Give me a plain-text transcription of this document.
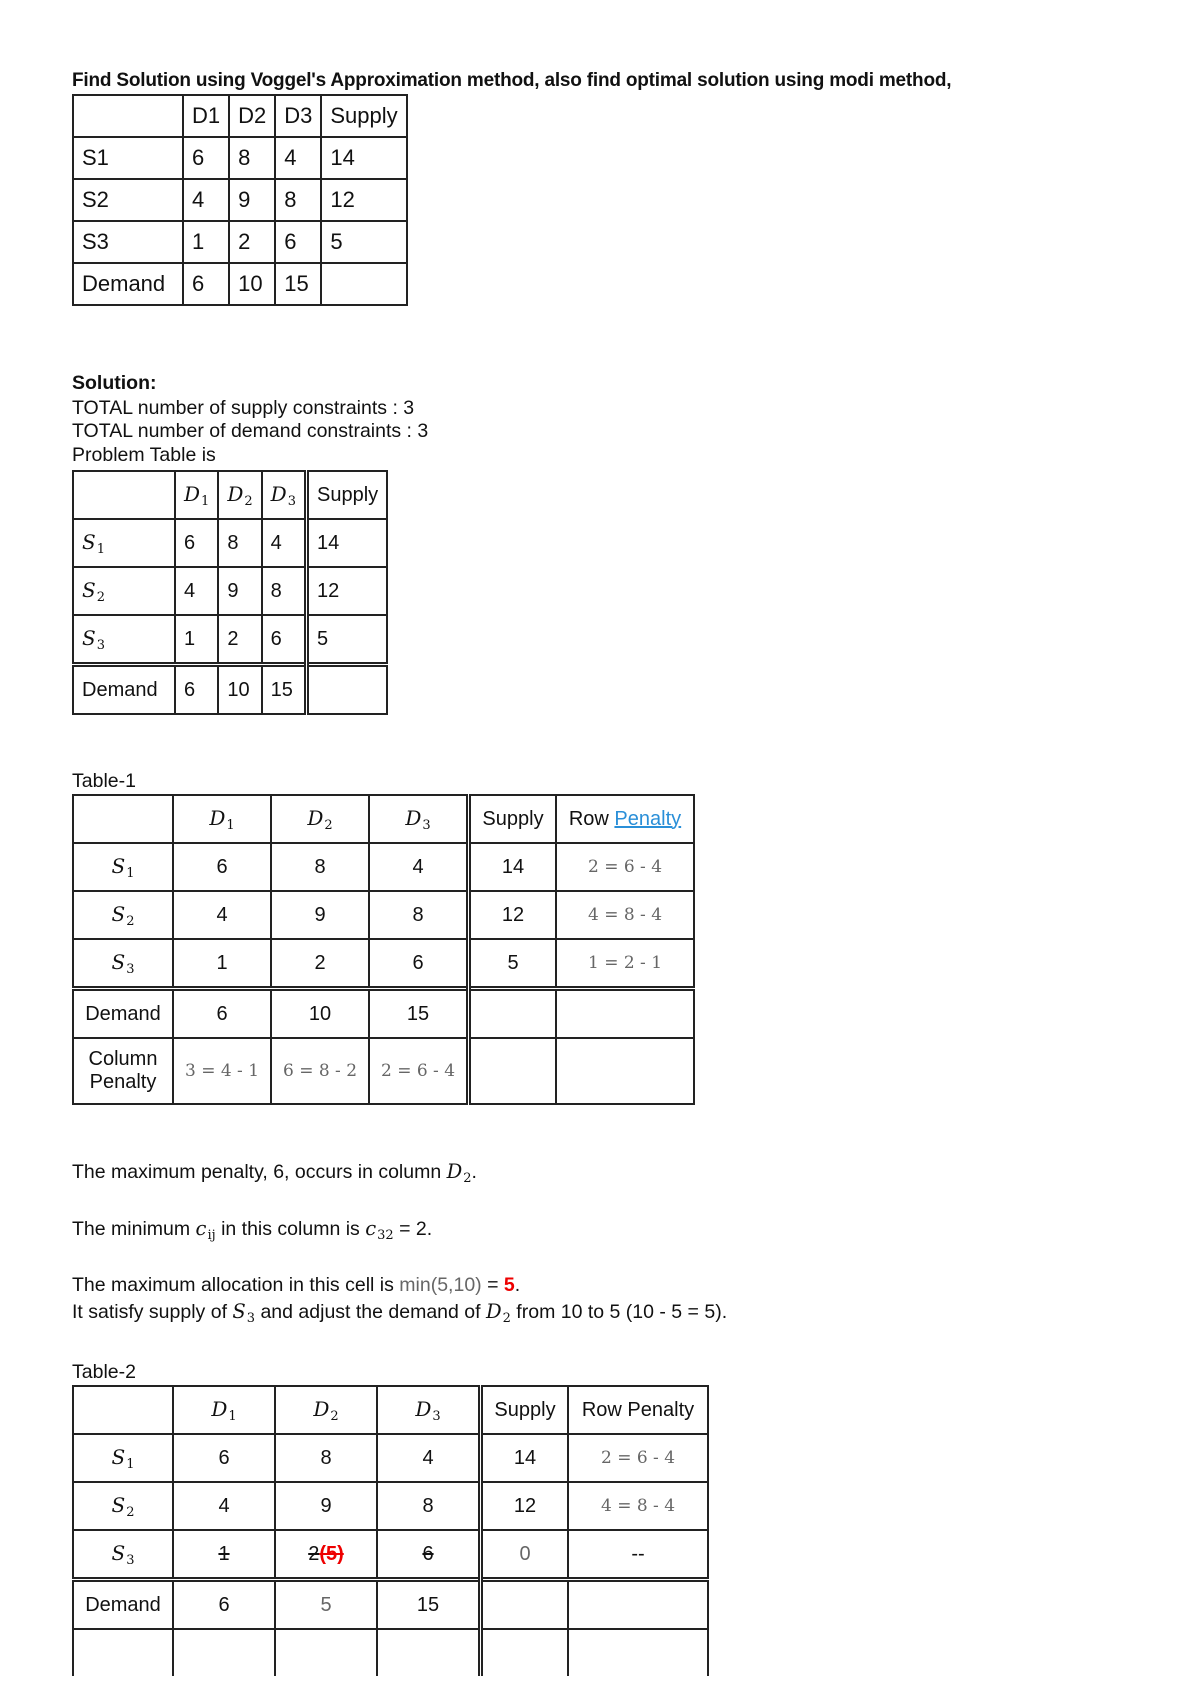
Find Solution using Voggel's Approximation method, also find optimal solution using modi method,
	D1	D2	D3	Supply
S1	6	8	4	14
S2	4	9	8	12
S3	1	2	6	5
Demand	6	10	15	
Solution:
TOTAL number of supply constraints : 3
TOTAL number of demand constraints : 3
Problem Table is
	$D_1$	$D_2$	$D_3$	Supply
$S_1$	6	8	4	14
$S_2$	4	9	8	12
$S_3$	1	2	6	5
Demand	6	10	15	
Table-1
	$D_1$	$D_2$	$D_3$	Supply	Row Penalty
$S_1$	6	8	4	14	2 = 6 - 4
$S_2$	4	9	8	12	4 = 8 - 4
$S_3$	1	2	6	5	1 = 2 - 1
Demand	6	10	15		
Column
Penalty	3 = 4 - 1	6 = 8 - 2	2 = 6 - 4		
The maximum penalty, 6, occurs in column $D_2$.
The minimum $c_{ij}$ in this column is $c_{32} = 2$.
The maximum allocation in this cell is min(5,10) = 5.
It satisfy supply of $S_3$ and adjust the demand of $D_2$ from 10 to 5 (10 - 5 = 5).
Table-2
	$D_1$	$D_2$	$D_3$	Supply	Row Penalty
$S_1$	6	8	4	14	2 = 6 - 4
$S_2$	4	9	8	12	4 = 8 - 4
$S_3$	1	2(5)	6	0	--
Demand	6	5	15		
